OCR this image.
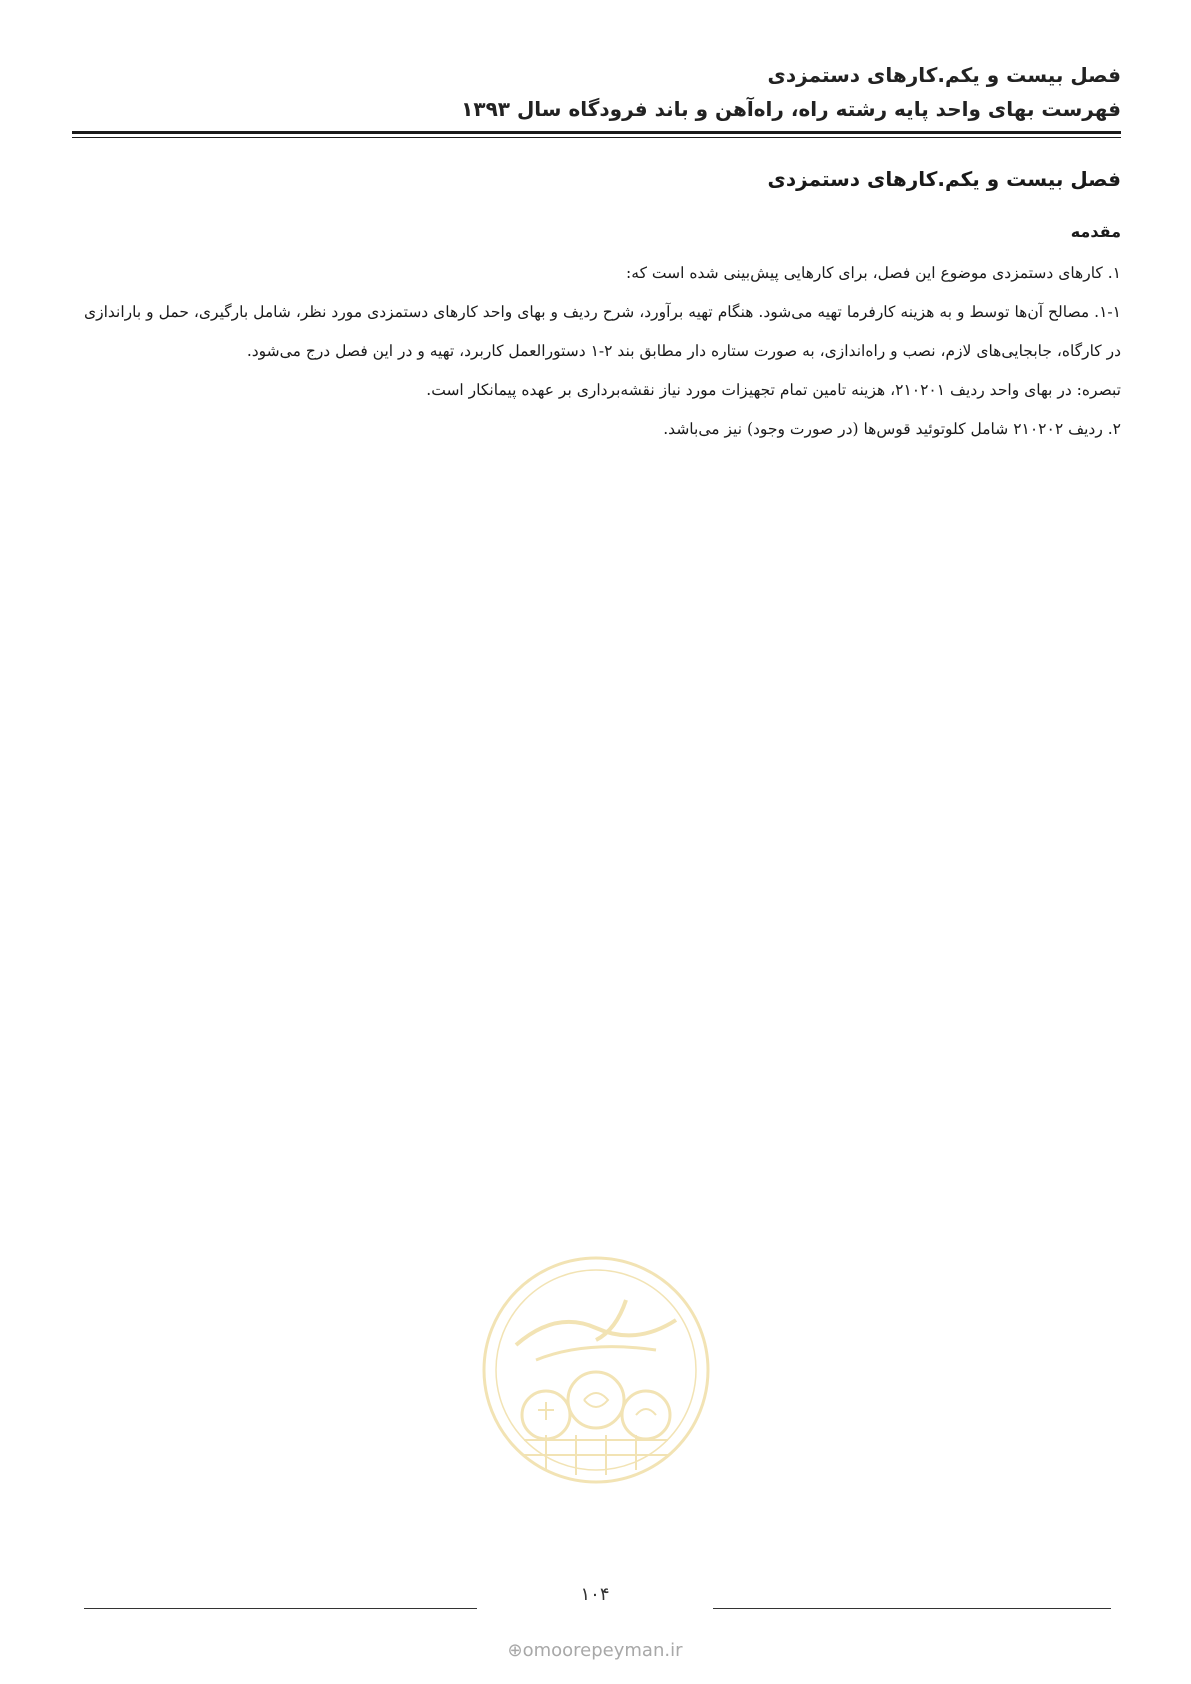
فصل بیست و یکم.کارهای دستمزدی
فهرست بهای واحد پایه رشته راه، راه‌آهن و باند فرودگاه سال ۱۳۹۳
فصل بیست و یکم.کارهای دستمزدی
مقدمه

۱. کارهای دستمزدی موضوع این فصل، برای کارهایی پیش‌بینی شده است که:

۱-۱. مصالح آن‌ها توسط و به هزینه کارفرما تهیه می‌شود. هنگام تهیه برآورد، شرح ردیف و بهای واحد کارهای دستمزدی مورد نظر، شامل بارگیری، حمل و باراندازی در کارگاه، جابجایی‌های لازم، نصب و راه‌اندازی، به صورت ستاره دار مطابق بند ۲-۱ دستورالعمل کاربرد، تهیه و در این فصل درج می‌شود.

تبصره: در بهای واحد ردیف ۲۱۰۲۰۱، هزینه تامین تمام تجهیزات مورد نیاز نقشه‌برداری بر عهده پیمانکار است.

۲. ردیف ۲۱۰۲۰۲ شامل کلوتوئید قوس‌ها (در صورت وجود) نیز می‌باشد.

۱۰۴
⊕omoorepeyman.ir
